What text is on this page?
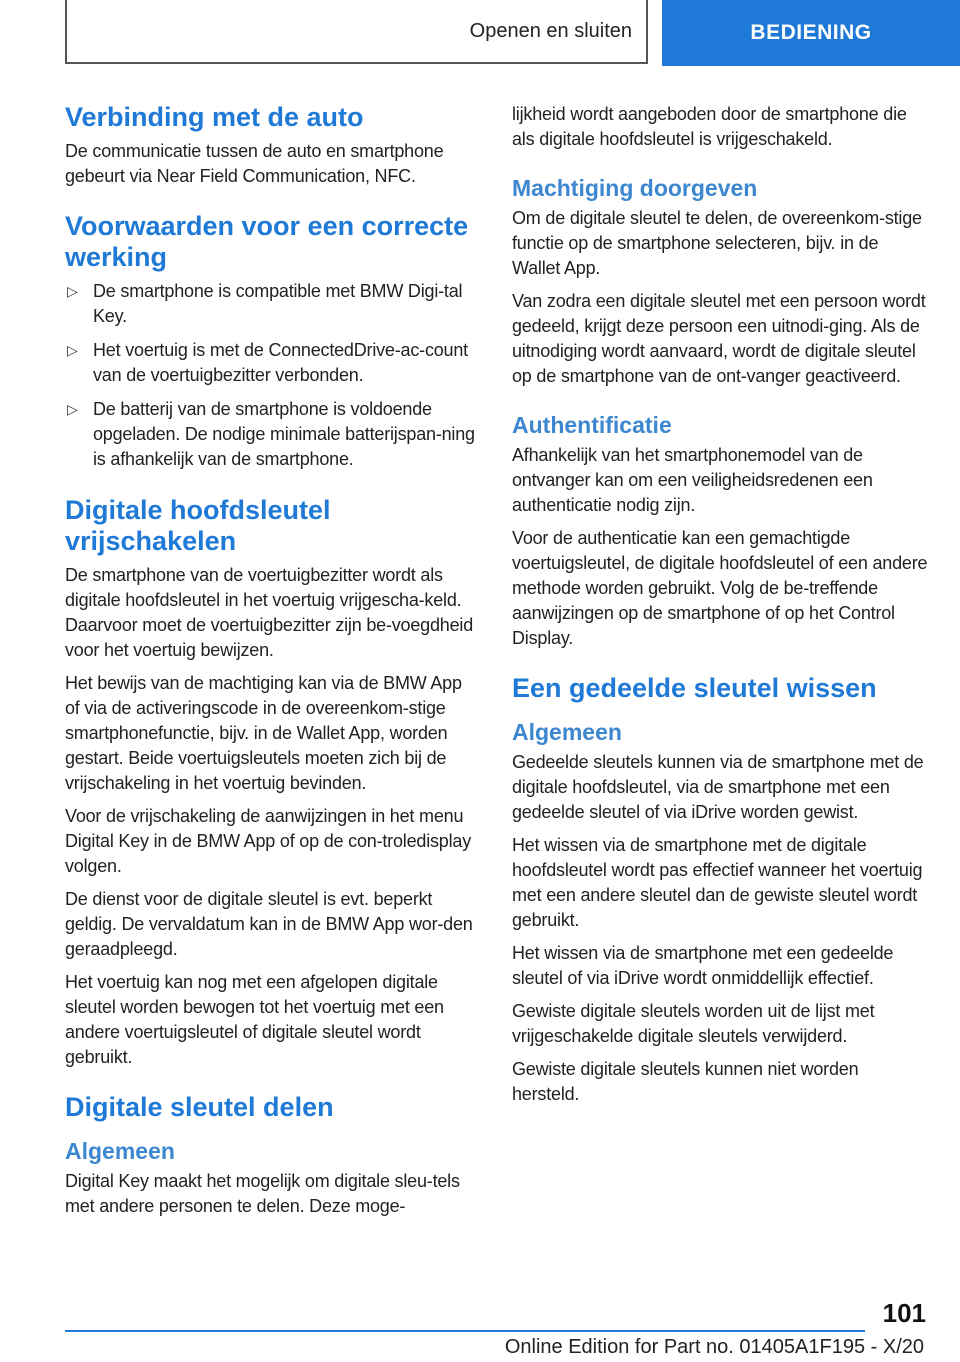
Openen en sluiten	BEDIENING
Verbinding met de auto

De communicatie tussen de auto en smartphone gebeurt via Near Field Communication, NFC.

Voorwaarden voor een correcte werking
▷ De smartphone is compatible met BMW Digi-tal Key.
▷ Het voertuig is met de ConnectedDrive-ac-count van de voertuigbezitter verbonden.
▷ De batterij van de smartphone is voldoende opgeladen. De nodige minimale batterijspan-ning is afhankelijk van de smartphone.
Digitale hoofdsleutel vrijschakelen

De smartphone van de voertuigbezitter wordt als digitale hoofdsleutel in het voertuig vrijgescha-keld. Daarvoor moet de voertuigbezitter zijn be-voegdheid voor het voertuig bewijzen.

Het bewijs van de machtiging kan via de BMW App of via de activeringscode in de overeenkom-stige smartphonefunctie, bijv. in de Wallet App, worden gestart. Beide voertuigsleutels moeten zich bij de vrijschakeling in het voertuig bevinden.

Voor de vrijschakeling de aanwijzingen in het menu Digital Key in de BMW App of op de con-troledisplay volgen.

De dienst voor de digitale sleutel is evt. beperkt geldig. De vervaldatum kan in de BMW App wor-den geraadpleegd.

Het voertuig kan nog met een afgelopen digitale sleutel worden bewogen tot het voertuig met een andere voertuigsleutel of digitale sleutel wordt gebruikt.

Digitale sleutel delen
Algemeen

Digital Key maakt het mogelijk om digitale sleu-tels met andere personen te delen. Deze moge-

lijkheid wordt aangeboden door de smartphone die als digitale hoofdsleutel is vrijgeschakeld.

Machtiging doorgeven

Om de digitale sleutel te delen, de overeenkom-stige functie op de smartphone selecteren, bijv. in de Wallet App.

Van zodra een digitale sleutel met een persoon wordt gedeeld, krijgt deze persoon een uitnodi-ging. Als de uitnodiging wordt aanvaard, wordt de digitale sleutel op de smartphone van de ont-vanger geactiveerd.

Authentificatie

Afhankelijk van het smartphonemodel van de ontvanger kan om een veiligheidsredenen een authenticatie nodig zijn.

Voor de authenticatie kan een gemachtigde voertuigsleutel, de digitale hoofdsleutel of een andere methode worden gebruikt. Volg de be-treffende aanwijzingen op de smartphone of op het Control Display.

Een gedeelde sleutel wissen
Algemeen

Gedeelde sleutels kunnen via de smartphone met de digitale hoofdsleutel, via de smartphone met een gedeelde sleutel of via iDrive worden gewist.

Het wissen via de smartphone met de digitale hoofdsleutel wordt pas effectief wanneer het voertuig met een andere sleutel dan de gewiste sleutel wordt gebruikt.

Het wissen via de smartphone met een gedeelde sleutel of via iDrive wordt onmiddellijk effectief.

Gewiste digitale sleutels worden uit de lijst met vrijgeschakelde digitale sleutels verwijderd.

Gewiste digitale sleutels kunnen niet worden hersteld.

101
Online Edition for Part no. 01405A1F195 - X/20
